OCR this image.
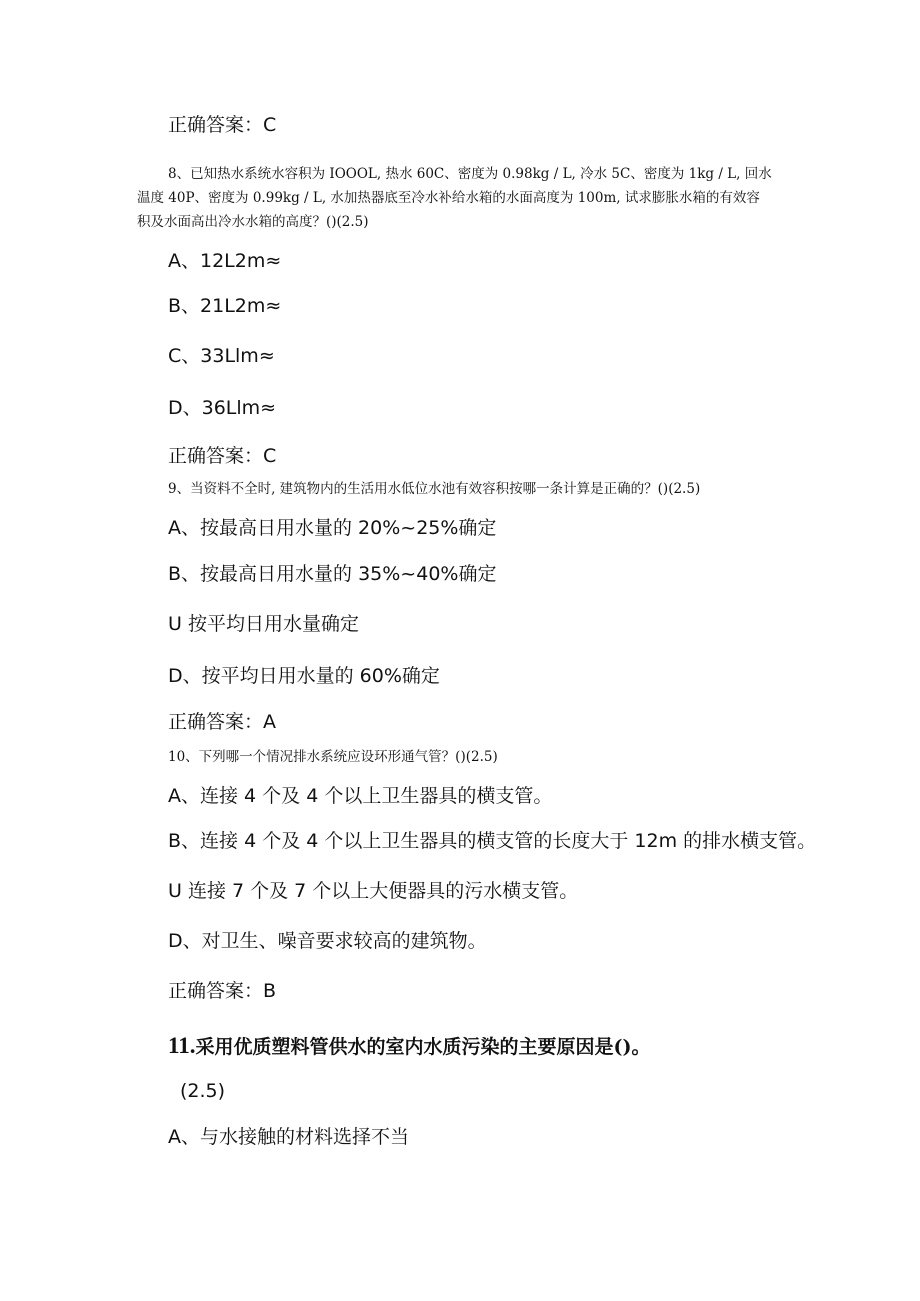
正确答案：C
8、已知热水系统水容积为 IOOOL, 热水 60C、密度为 0.98kg / L, 冷水 5C、密度为 1kg / L, 回水
温度 40P、密度为 0.99kg / L, 水加热器底至冷水补给水箱的水面高度为 100m, 试求膨胀水箱的有效容
积及水面高出冷水水箱的高度？()(2.5)
A、12L2m≈
B、21L2m≈
C、33Llm≈
D、36Llm≈
正确答案：C
9、当资料不全时, 建筑物内的生活用水低位水池有效容积按哪一条计算是正确的？()(2.5)
A、按最高日用水量的 20%~25%确定
B、按最高日用水量的 35%~40%确定
U 按平均日用水量确定
D、按平均日用水量的 60%确定
正确答案：A
10、下列哪一个情况排水系统应设环形通气管？()(2.5)
A、连接 4 个及 4 个以上卫生器具的横支管。
B、连接 4 个及 4 个以上卫生器具的横支管的长度大于 12m 的排水横支管。
U 连接 7 个及 7 个以上大便器具的污水横支管。
D、对卫生、噪音要求较高的建筑物。
正确答案：B
11.采用优质塑料管供水的室内水质污染的主要原因是()。
(2.5)
A、与水接触的材料选择不当
